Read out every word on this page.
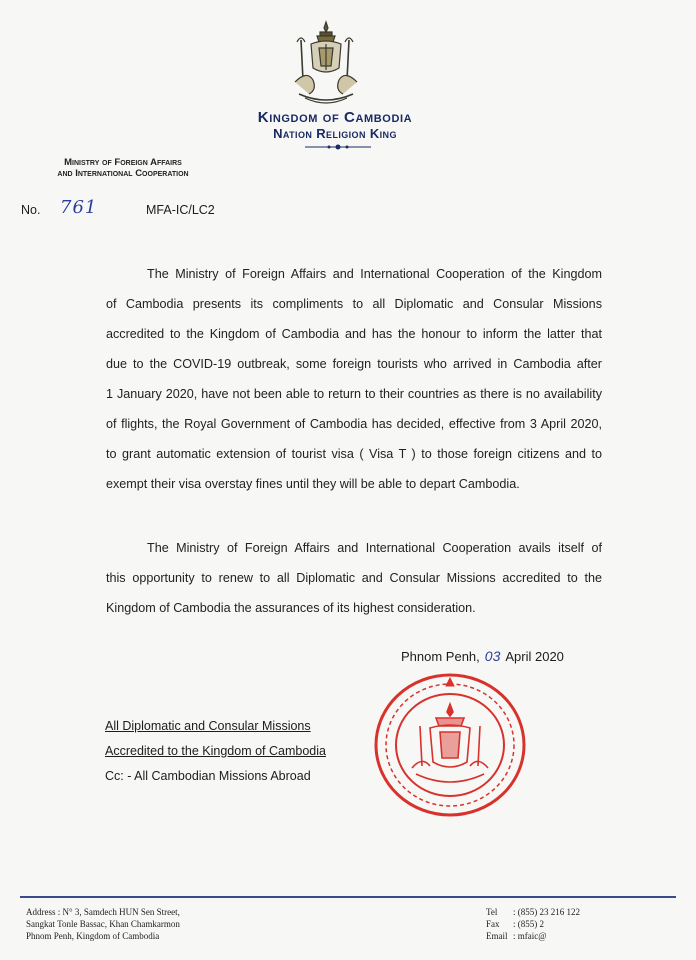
Kingdom of Cambodia
Nation Religion King
Ministry of Foreign Affairs
and International Cooperation
No. 761	MFA-IC/LC2
The Ministry of Foreign Affairs and International Cooperation of the Kingdom
of Cambodia presents its compliments to all Diplomatic and Consular Missions
accredited to the Kingdom of Cambodia and has the honour to inform the latter that
due to the COVID-19 outbreak, some foreign tourists who arrived in Cambodia after
1 January 2020, have not been able to return to their countries as there is no availability
of flights, the Royal Government of Cambodia has decided, effective from 3 April 2020,
to grant automatic extension of tourist visa ( Visa T ) to those foreign citizens and to
exempt their visa overstay fines until they will be able to depart Cambodia.
The Ministry of Foreign Affairs and International Cooperation avails itself of
this opportunity to renew to all Diplomatic and Consular Missions accredited to the
Kingdom of Cambodia the assurances of its highest consideration.
Phnom Penh, 03 April 2020
All Diplomatic and Consular Missions
Accredited to the Kingdom of Cambodia
Cc: - All Cambodian Missions Abroad
Address : N° 3, Samdech HUN Sen Street,
Sangkat Tonle Bassac, Khan Chamkarmon
Phnom Penh, Kingdom of Cambodia
Tel : (855) 23 216 122
Fax : (855) 2
Email : mfaic@
